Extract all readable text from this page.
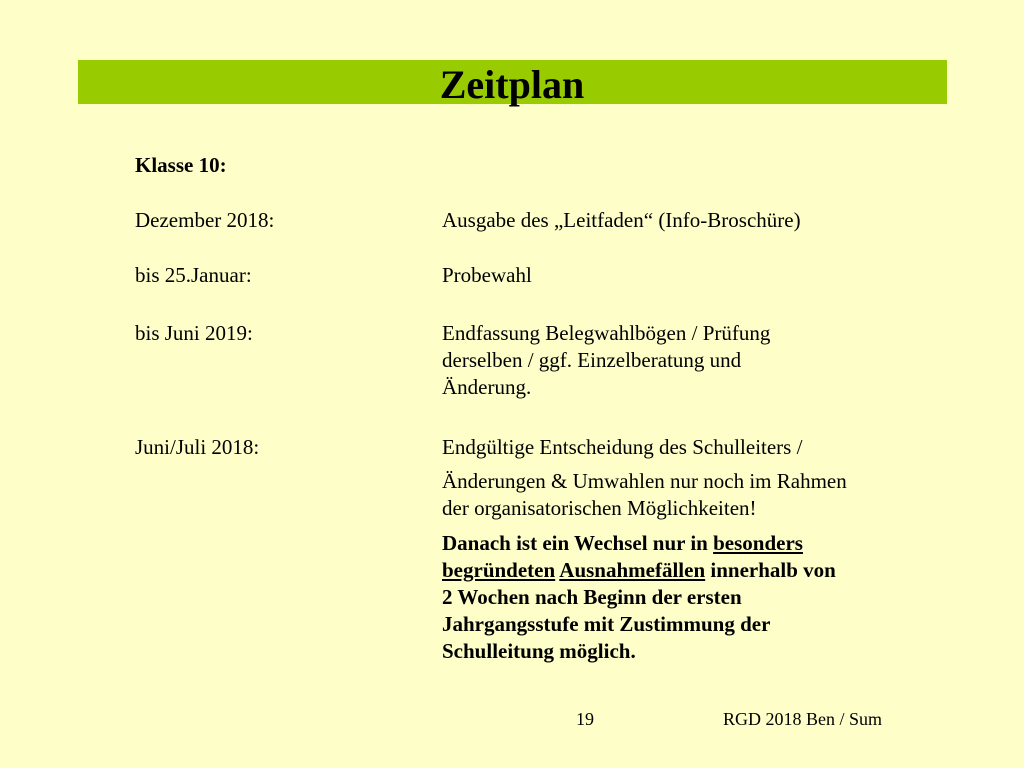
Zeitplan
Klasse 10:
Dezember 2018:	Ausgabe des „Leitfaden“ (Info-Broschüre)
bis 25.Januar:	Probewahl
bis Juni 2019:	Endfassung Belegwahlbögen / Prüfung
derselben / ggf. Einzelberatung und
Änderung.
Juni/Juli 2018:	Endgültige Entscheidung des Schulleiters /
Änderungen & Umwahlen nur noch im Rahmen
der organisatorischen Möglichkeiten!
Danach ist ein Wechsel nur in besonders
begründeten Ausnahmefällen innerhalb von
2 Wochen nach Beginn der ersten
Jahrgangsstufe mit Zustimmung der
Schulleitung möglich.
19	RGD 2018 Ben / Sum
